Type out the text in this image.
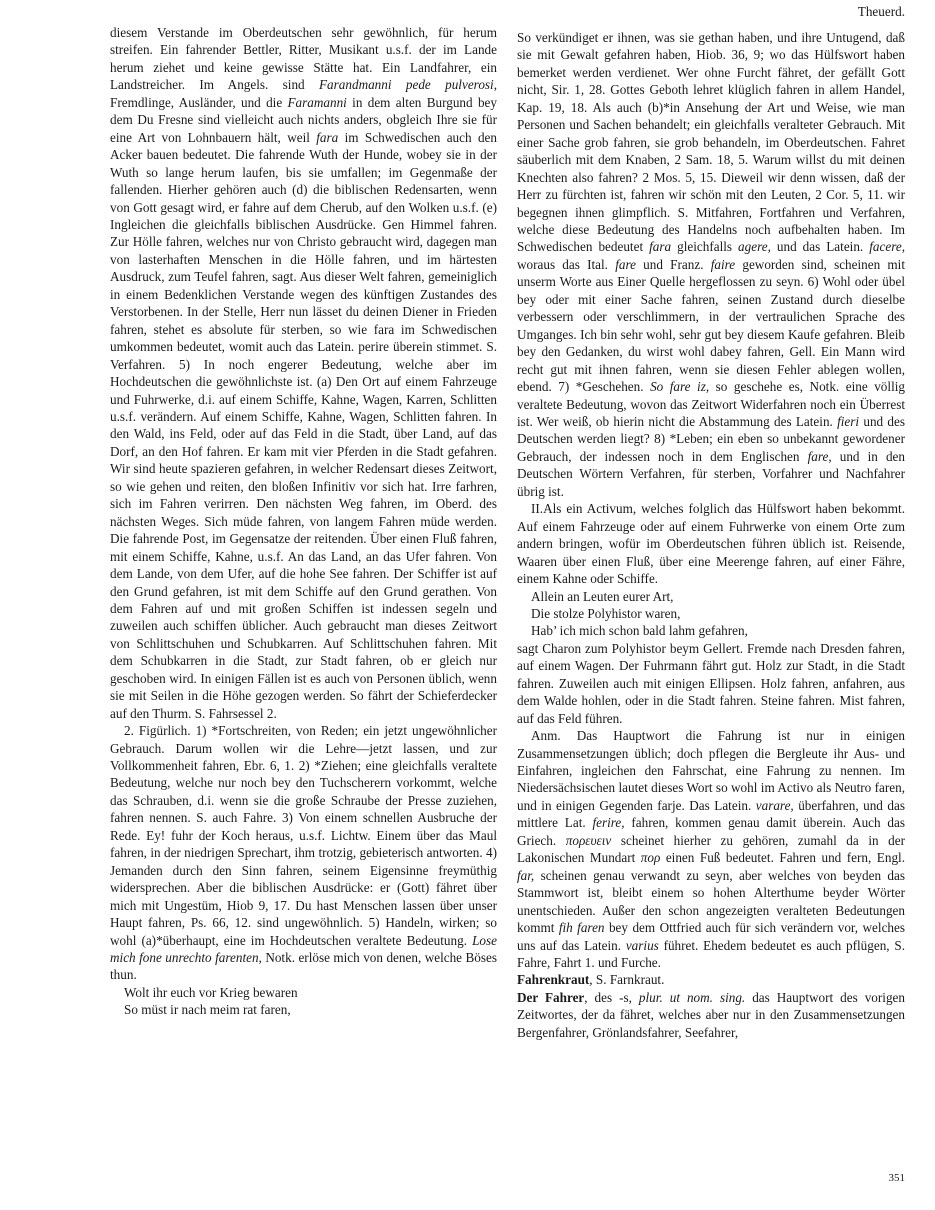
Theuerd.

diesem Verstande im Oberdeutschen sehr gewöhnlich, für herum streifen. Ein fahrender Bettler, Ritter, Musikant u.s.f. der im Lande herum ziehet und keine gewisse Stätte hat. Ein Landfahrer, ein Landstreicher. Im Angels. sind Farandmanni pede pulverosi, Fremdlinge, Ausländer, und die Faramanni in dem alten Burgund bey dem Du Fresne sind vielleicht auch nichts anders, obgleich Ihre sie für eine Art von Lohnbauern hält, weil fara im Schwedischen auch den Acker bauen bedeutet. Die fahrende Wuth der Hunde, wobey sie in der Wuth so lange herum laufen, bis sie umfallen; im Gegenmaße der fallenden. Hierher gehören auch (d) die biblischen Redensarten, wenn von Gott gesagt wird, er fahre auf dem Cherub, auf den Wolken u.s.f. (e) Ingleichen die gleichfalls biblischen Ausdrücke. Gen Himmel fahren. Zur Hölle fahren, welches nur von Christo gebraucht wird, dagegen man von lasterhaften Menschen in die Hölle fahren, und im härtesten Ausdruck, zum Teufel fahren, sagt. Aus dieser Welt fahren, gemeiniglich in einem Bedenklichen Verstande wegen des künftigen Zustandes des Verstorbenen. In der Stelle, Herr nun lässet du deinen Diener in Frieden fahren, stehet es absolute für sterben, so wie fara im Schwedischen umkommen bedeutet, womit auch das Latein. perire überein stimmet. S. Verfahren. 5) In noch engerer Bedeutung, welche aber im Hochdeutschen die gewöhnlichste ist. (a) Den Ort auf einem Fahrzeuge und Fuhrwerke, d.i. auf einem Schiffe, Kahne, Wagen, Karren, Schlitten u.s.f. verändern. Auf einem Schiffe, Kahne, Wagen, Schlitten fahren. In den Wald, ins Feld, oder auf das Feld in die Stadt, über Land, auf das Dorf, an den Hof fahren. Er kam mit vier Pferden in die Stadt gefahren. Wir sind heute spazieren gefahren, in welcher Redensart dieses Zeitwort, so wie gehen und reiten, den bloßen Infinitiv vor sich hat. Irre farhren, sich im Fahren verirren. Den nächsten Weg fahren, im Oberd. des nächsten Weges. Sich müde fahren, von langem Fahren müde werden. Die fahrende Post, im Gegensatze der reitenden. Über einen Fluß fahren, mit einem Schiffe, Kahne, u.s.f. An das Land, an das Ufer fahren. Von dem Lande, von dem Ufer, auf die hohe See fahren. Der Schiffer ist auf den Grund gefahren, ist mit dem Schiffe auf den Grund gerathen. Von dem Fahren auf und mit großen Schiffen ist indessen segeln und zuweilen auch schiffen üblicher. Auch gebraucht man dieses Zeitwort von Schlittschuhen und Schubkarren. Auf Schlittschuhen fahren. Mit dem Schubkarren in die Stadt, zur Stadt fahren, ob er gleich nur geschoben wird. In einigen Fällen ist es auch von Personen üblich, wenn sie mit Seilen in die Höhe gezogen werden. So fährt der Schieferdecker auf den Thurm. S. Fahrsessel 2.

2. Figürlich. 1) *Fortschreiten, von Reden; ein jetzt ungewöhnlicher Gebrauch. Darum wollen wir die Lehre—jetzt lassen, und zur Vollkommenheit fahren, Ebr. 6, 1. 2) *Ziehen; eine gleichfalls veraltete Bedeutung, welche nur noch bey den Tuchscherern vorkommt, welche das Schrauben, d.i. wenn sie die große Schraube der Presse zuziehen, fahren nennen. S. auch Fahre. 3) Von einem schnellen Ausbruche der Rede. Ey! fuhr der Koch heraus, u.s.f. Lichtw. Einem über das Maul fahren, in der niedrigen Sprechart, ihm trotzig, gebieterisch antworten. 4) Jemanden durch den Sinn fahren, seinem Eigensinne freymüthig widersprechen. Aber die biblischen Ausdrücke: er (Gott) fähret über mich mit Ungestüm, Hiob 9, 17. Du hast Menschen lassen über unser Haupt fahren, Ps. 66, 12. sind ungewöhnlich. 5) Handeln, wirken; so wohl (a)*überhaupt, eine im Hochdeutschen veraltete Bedeutung. Lose mich fone unrechto farenten, Notk. erlöse mich von denen, welche Böses thun.

Wolt ihr euch vor Krieg bewaren

So müst ir nach meim rat faren,

So verkündiget er ihnen, was sie gethan haben, und ihre Untugend, daß sie mit Gewalt gefahren haben, Hiob. 36, 9; wo das Hülfswort haben bemerket werden verdienet. Wer ohne Furcht fähret, der gefällt Gott nicht, Sir. 1, 28. Gottes Geboth lehret klüglich fahren in allem Handel, Kap. 19, 18. Als auch (b)*in Ansehung der Art und Weise, wie man Personen und Sachen behandelt; ein gleichfalls veralteter Gebrauch. Mit einer Sache grob fahren, sie grob behandeln, im Oberdeutschen. Fahret säuberlich mit dem Knaben, 2 Sam. 18, 5. Warum willst du mit deinen Knechten also fahren? 2 Mos. 5, 15. Dieweil wir denn wissen, daß der Herr zu fürchten ist, fahren wir schön mit den Leuten, 2 Cor. 5, 11. wir begegnen ihnen glimpflich. S. Mitfahren, Fortfahren und Verfahren, welche diese Bedeutung des Handelns noch aufbehalten haben. Im Schwedischen bedeutet fara gleichfalls agere, und das Latein. facere, woraus das Ital. fare und Franz. faire geworden sind, scheinen mit unserm Worte aus Einer Quelle hergeflossen zu seyn. 6) Wohl oder übel bey oder mit einer Sache fahren, seinen Zustand durch dieselbe verbessern oder verschlimmern, in der vertraulichen Sprache des Umganges. Ich bin sehr wohl, sehr gut bey diesem Kaufe gefahren. Bleib bey den Gedanken, du wirst wohl dabey fahren, Gell. Ein Mann wird recht gut mit ihnen fahren, wenn sie diesen Fehler ablegen wollen, ebend. 7) *Geschehen. So fare iz, so geschehe es, Notk. eine völlig veraltete Bedeutung, wovon das Zeitwort Widerfahren noch ein Überrest ist. Wer weiß, ob hierin nicht die Abstammung des Latein. fieri und des Deutschen werden liegt? 8) *Leben; ein eben so unbekannt gewordener Gebrauch, der indessen noch in dem Englischen fare, und in den Deutschen Wörtern Verfahren, für sterben, Vorfahrer und Nachfahrer übrig ist.

II.Als ein Activum, welches folglich das Hülfswort haben bekommt. Auf einem Fahrzeuge oder auf einem Fuhrwerke von einem Orte zum andern bringen, wofür im Oberdeutschen führen üblich ist. Reisende, Waaren über einen Fluß, über eine Meerenge fahren, auf einer Fähre, einem Kahne oder Schiffe.

Allein an Leuten eurer Art,

Die stolze Polyhistor waren,

Hab’ ich mich schon bald lahm gefahren,

sagt Charon zum Polyhistor beym Gellert. Fremde nach Dresden fahren, auf einem Wagen. Der Fuhrmann fährt gut. Holz zur Stadt, in die Stadt fahren. Zuweilen auch mit einigen Ellipsen. Holz fahren, anfahren, aus dem Walde hohlen, oder in die Stadt fahren. Steine fahren. Mist fahren, auf das Feld führen.

Anm. Das Hauptwort die Fahrung ist nur in einigen Zusammensetzungen üblich; doch pflegen die Bergleute ihr Aus- und Einfahren, ingleichen den Fahrschat, eine Fahrung zu nennen. Im Niedersächsischen lautet dieses Wort so wohl im Activo als Neutro faren, und in einigen Gegenden farje. Das Latein. varare, überfahren, und das mittlere Lat. ferire, fahren, kommen genau damit überein. Auch das Griech. πορευειν scheinet hierher zu gehören, zumahl da in der Lakonischen Mundart πορ einen Fuß bedeutet. Fahren und fern, Engl. far, scheinen genau verwandt zu seyn, aber welches von beyden das Stammwort ist, bleibt einem so hohen Alterthume beyder Wörter unentschieden. Außer den schon angezeigten veralteten Bedeutungen kommt fih faren bey dem Ottfried auch für sich verändern vor, welches uns auf das Latein. varius führet. Ehedem bedeutet es auch pflügen, S. Fahre, Fahrt 1. und Furche.

Fahrenkraut, S. Farnkraut.

Der Fahrer, des -s, plur. ut nom. sing. das Hauptwort des vorigen Zeitwortes, der da fähret, welches aber nur in den Zusammensetzungen Bergenfahrer, Grönlandsfahrer, Seefahrer,

351
